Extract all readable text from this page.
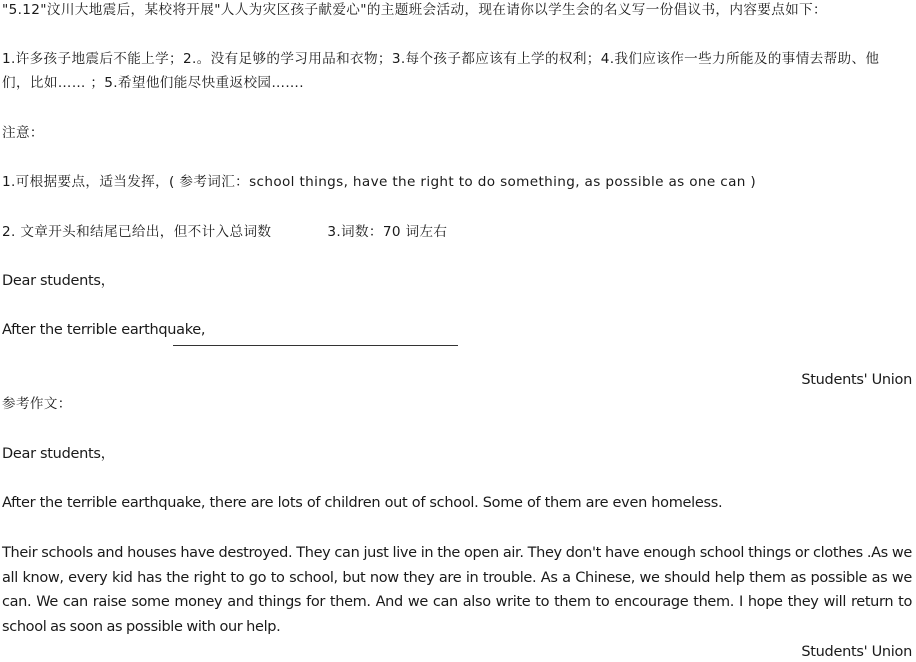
"5.12"汶川大地震后，某校将开展"人人为灾区孩子献爱心"的主题班会活动，现在请你以学生会的名义写一份倡议书，内容要点如下：
1.许多孩子地震后不能上学；2.。没有足够的学习用品和衣物；3.每个孩子都应该有上学的权利；4.我们应该作一些力所能及的事情去帮助、他
们，比如…… ；5.希望他们能尽快重返校园…….
注意：
1.可根据要点，适当发挥，( 参考词汇：school things, have the right to do something, as possible as one can )
2. 文章开头和结尾已给出，但不计入总词数	3.词数：70 词左右
Dear students，
After the terrible earthquake,
Students' Union
参考作文：
Dear students，
After the terrible earthquake, there are lots of children out of school. Some of them are even homeless.
Their schools and houses have destroyed. They can just live in the open air. They don't have enough school things or clothes .As we all know, every kid has the right to go to school, but now they are in trouble. As a Chinese, we should help them as possible as we can. We can raise some money and things for them. And we can also write to them to encourage them. I hope they will return to school as soon as possible with our help.
Students' Union
